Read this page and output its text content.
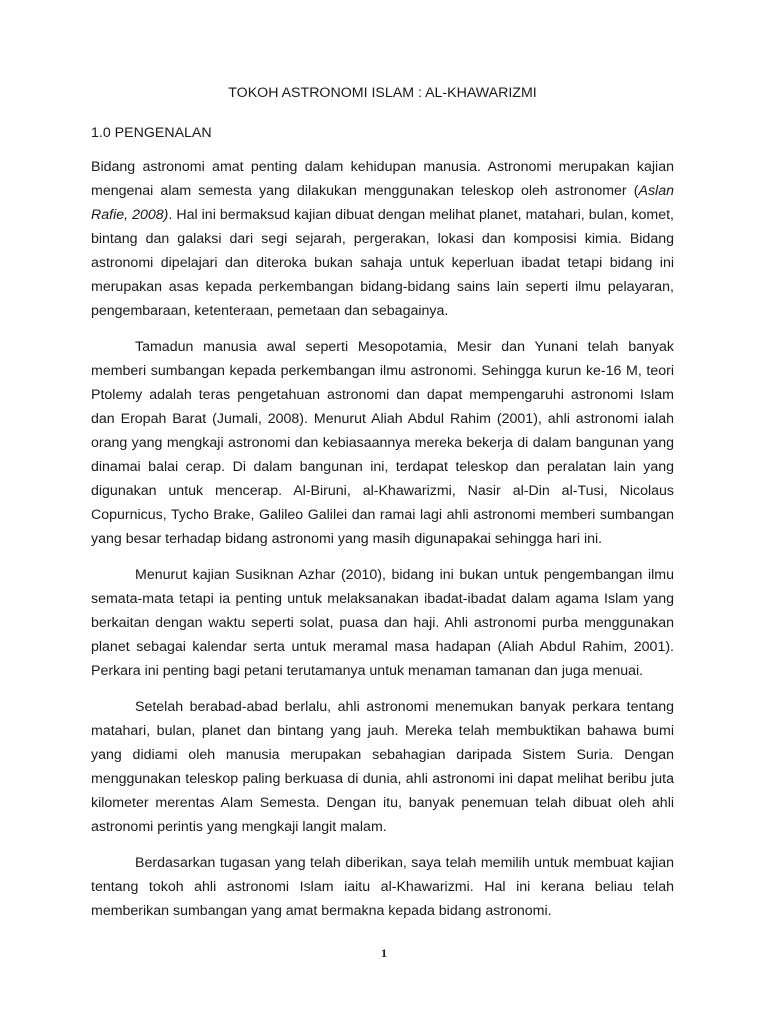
TOKOH ASTRONOMI ISLAM : AL-KHAWARIZMI
1.0 PENGENALAN

Bidang astronomi amat penting dalam kehidupan manusia. Astronomi merupakan kajian mengenai alam semesta yang dilakukan menggunakan teleskop oleh astronomer (Aslan Rafie, 2008). Hal ini bermaksud kajian dibuat dengan melihat planet, matahari, bulan, komet, bintang dan galaksi dari segi sejarah, pergerakan, lokasi dan komposisi kimia. Bidang astronomi dipelajari dan diteroka bukan sahaja untuk keperluan ibadat tetapi bidang ini merupakan asas kepada perkembangan bidang-bidang sains lain seperti ilmu pelayaran, pengembaraan, ketenteraan, pemetaan dan sebagainya.

Tamadun manusia awal seperti Mesopotamia, Mesir dan Yunani telah banyak memberi sumbangan kepada perkembangan ilmu astronomi. Sehingga kurun ke-16 M, teori Ptolemy adalah teras pengetahuan astronomi dan dapat mempengaruhi astronomi Islam dan Eropah Barat (Jumali, 2008). Menurut Aliah Abdul Rahim (2001), ahli astronomi ialah orang yang mengkaji astronomi dan kebiasaannya mereka bekerja di dalam bangunan yang dinamai balai cerap. Di dalam bangunan ini, terdapat teleskop dan peralatan lain yang digunakan untuk mencerap. Al-Biruni, al-Khawarizmi, Nasir al-Din al-Tusi, Nicolaus Copurnicus, Tycho Brake, Galileo Galilei dan ramai lagi ahli astronomi memberi sumbangan yang besar terhadap bidang astronomi yang masih digunapakai sehingga hari ini.

Menurut kajian Susiknan Azhar (2010), bidang ini bukan untuk pengembangan ilmu semata-mata tetapi ia penting untuk melaksanakan ibadat-ibadat dalam agama Islam yang berkaitan dengan waktu seperti solat, puasa dan haji. Ahli astronomi purba menggunakan planet sebagai kalendar serta untuk meramal masa hadapan (Aliah Abdul Rahim, 2001). Perkara ini penting bagi petani terutamanya untuk menaman tamanan dan juga menuai.

Setelah berabad-abad berlalu, ahli astronomi menemukan banyak perkara tentang matahari, bulan, planet dan bintang yang jauh. Mereka telah membuktikan bahawa bumi yang didiami oleh manusia merupakan sebahagian daripada Sistem Suria. Dengan menggunakan teleskop paling berkuasa di dunia, ahli astronomi ini dapat melihat beribu juta kilometer merentas Alam Semesta. Dengan itu, banyak penemuan telah dibuat oleh ahli astronomi perintis yang mengkaji langit malam.

Berdasarkan tugasan yang telah diberikan, saya telah memilih untuk membuat kajian tentang tokoh ahli astronomi Islam iaitu al-Khawarizmi. Hal ini kerana beliau telah memberikan sumbangan yang amat bermakna kepada bidang astronomi.

1
